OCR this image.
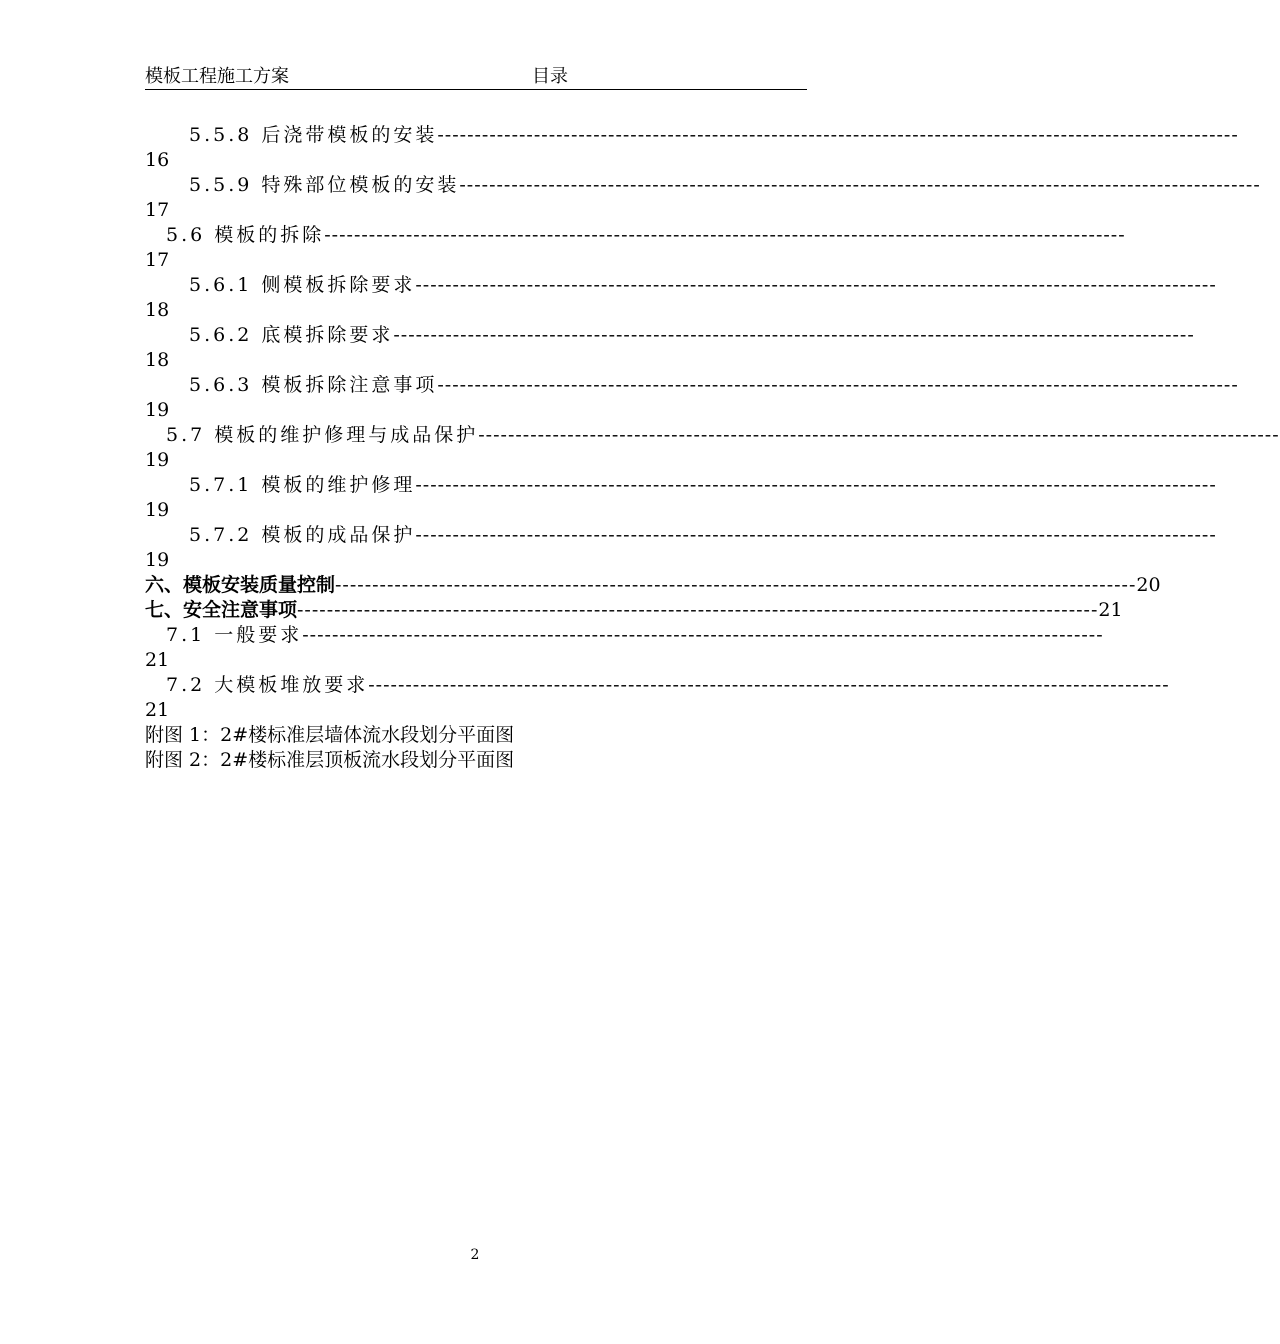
模板工程施工方案	目录
5.5.8 后浇带模板的安装 ------------------------------------------------------------------------------------------------------------
16
5.5.9 特殊部位模板的安装 ------------------------------------------------------------------------------------------------------------
17
5.6 模板的拆除 ------------------------------------------------------------------------------------------------------------
17
5.6.1 侧模板拆除要求 ------------------------------------------------------------------------------------------------------------
18
5.6.2 底模拆除要求 ------------------------------------------------------------------------------------------------------------
18
5.6.3 模板拆除注意事项 ------------------------------------------------------------------------------------------------------------
19
5.7 模板的维护修理与成品保护 ------------------------------------------------------------------------------------------------------------
19
5.7.1 模板的维护修理 ------------------------------------------------------------------------------------------------------------
19
5.7.2 模板的成品保护 ------------------------------------------------------------------------------------------------------------
19
六、模板安装质量控制 ------------------------------------------------------------------------------------------------------------ 20
七、安全注意事项 ------------------------------------------------------------------------------------------------------------ 21
7.1 一般要求 ------------------------------------------------------------------------------------------------------------
21
7.2 大模板堆放要求 ------------------------------------------------------------------------------------------------------------
21
附图 1：2#楼标准层墙体流水段划分平面图
附图 2：2#楼标准层顶板流水段划分平面图
2
